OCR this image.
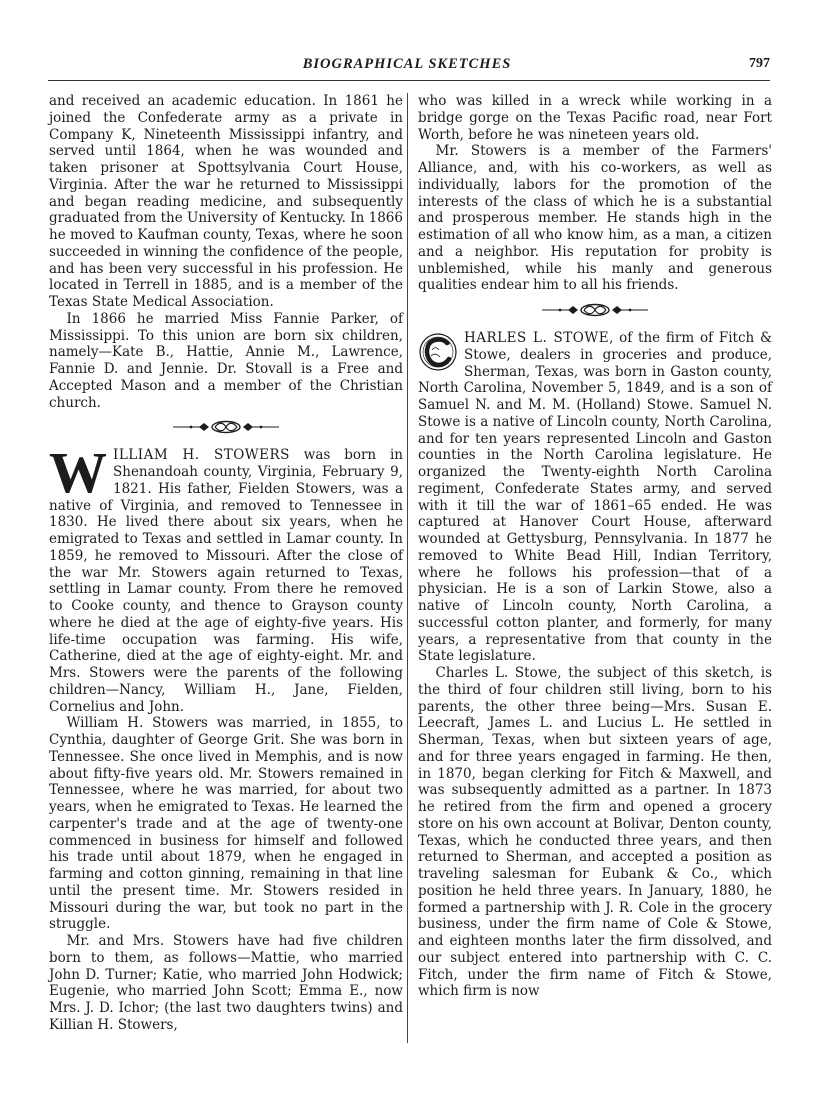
BIOGRAPHICAL SKETCHES	797

and received an academic education. In 1861 he joined the Confederate army as a private in Company K, Nineteenth Mississippi infantry, and served until 1864, when he was wounded and taken prisoner at Spottsylvania Court House, Virginia. After the war he returned to Mississippi and began reading medicine, and subsequently graduated from the University of Kentucky. In 1866 he moved to Kaufman county, Texas, where he soon succeeded in winning the confidence of the people, and has been very successful in his profession. He located in Terrell in 1885, and is a member of the Texas State Medical Association.

In 1866 he married Miss Fannie Parker, of Mississippi. To this union are born six children, namely—Kate B., Hattie, Annie M., Lawrence, Fannie D. and Jennie. Dr. Stovall is a Free and Accepted Mason and a member of the Christian church.

WILLIAM H. STOWERS was born in Shenandoah county, Virginia, February 9, 1821. His father, Fielden Stowers, was a native of Virginia, and removed to Tennessee in 1830. He lived there about six years, when he emigrated to Texas and settled in Lamar county. In 1859, he removed to Missouri. After the close of the war Mr. Stowers again returned to Texas, settling in Lamar county. From there he removed to Cooke county, and thence to Grayson county where he died at the age of eighty-five years. His life-time occupation was farming. His wife, Catherine, died at the age of eighty-eight. Mr. and Mrs. Stowers were the parents of the following children—Nancy, William H., Jane, Fielden, Cornelius and John.

William H. Stowers was married, in 1855, to Cynthia, daughter of George Grit. She was born in Tennessee. She once lived in Memphis, and is now about fifty-five years old. Mr. Stowers remained in Tennessee, where he was married, for about two years, when he emigrated to Texas. He learned the carpenter's trade and at the age of twenty-one commenced in business for himself and followed his trade until about 1879, when he engaged in farming and cotton ginning, remaining in that line until the present time. Mr. Stowers resided in Missouri during the war, but took no part in the struggle.

Mr. and Mrs. Stowers have had five children born to them, as follows—Mattie, who married John D. Turner; Katie, who married John Hodwick; Eugenie, who married John Scott; Emma E., now Mrs. J. D. Ichor; (the last two daughters twins) and Killian H. Stowers,

who was killed in a wreck while working in a bridge gorge on the Texas Pacific road, near Fort Worth, before he was nineteen years old.

Mr. Stowers is a member of the Farmers' Alliance, and, with his co-workers, as well as individually, labors for the promotion of the interests of the class of which he is a substantial and prosperous member. He stands high in the estimation of all who know him, as a man, a citizen and a neighbor. His reputation for probity is unblemished, while his manly and generous qualities endear him to all his friends.

HARLES L. STOWE, of the firm of Fitch & Stowe, dealers in groceries and produce, Sherman, Texas, was born in Gaston county, North Carolina, November 5, 1849, and is a son of Samuel N. and M. M. (Holland) Stowe. Samuel N. Stowe is a native of Lincoln county, North Carolina, and for ten years represented Lincoln and Gaston counties in the North Carolina legislature. He organized the Twenty-eighth North Carolina regiment, Confederate States army, and served with it till the war of 1861–65 ended. He was captured at Hanover Court House, afterward wounded at Gettysburg, Pennsylvania. In 1877 he removed to White Bead Hill, Indian Territory, where he follows his profession—that of a physician. He is a son of Larkin Stowe, also a native of Lincoln county, North Carolina, a successful cotton planter, and formerly, for many years, a representative from that county in the State legislature.

Charles L. Stowe, the subject of this sketch, is the third of four children still living, born to his parents, the other three being—Mrs. Susan E. Leecraft, James L. and Lucius L. He settled in Sherman, Texas, when but sixteen years of age, and for three years engaged in farming. He then, in 1870, began clerking for Fitch & Maxwell, and was subsequently admitted as a partner. In 1873 he retired from the firm and opened a grocery store on his own account at Bolivar, Denton county, Texas, which he conducted three years, and then returned to Sherman, and accepted a position as traveling salesman for Eubank & Co., which position he held three years. In January, 1880, he formed a partnership with J. R. Cole in the grocery business, under the firm name of Cole & Stowe, and eighteen months later the firm dissolved, and our subject entered into partnership with C. C. Fitch, under the firm name of Fitch & Stowe, which firm is now
